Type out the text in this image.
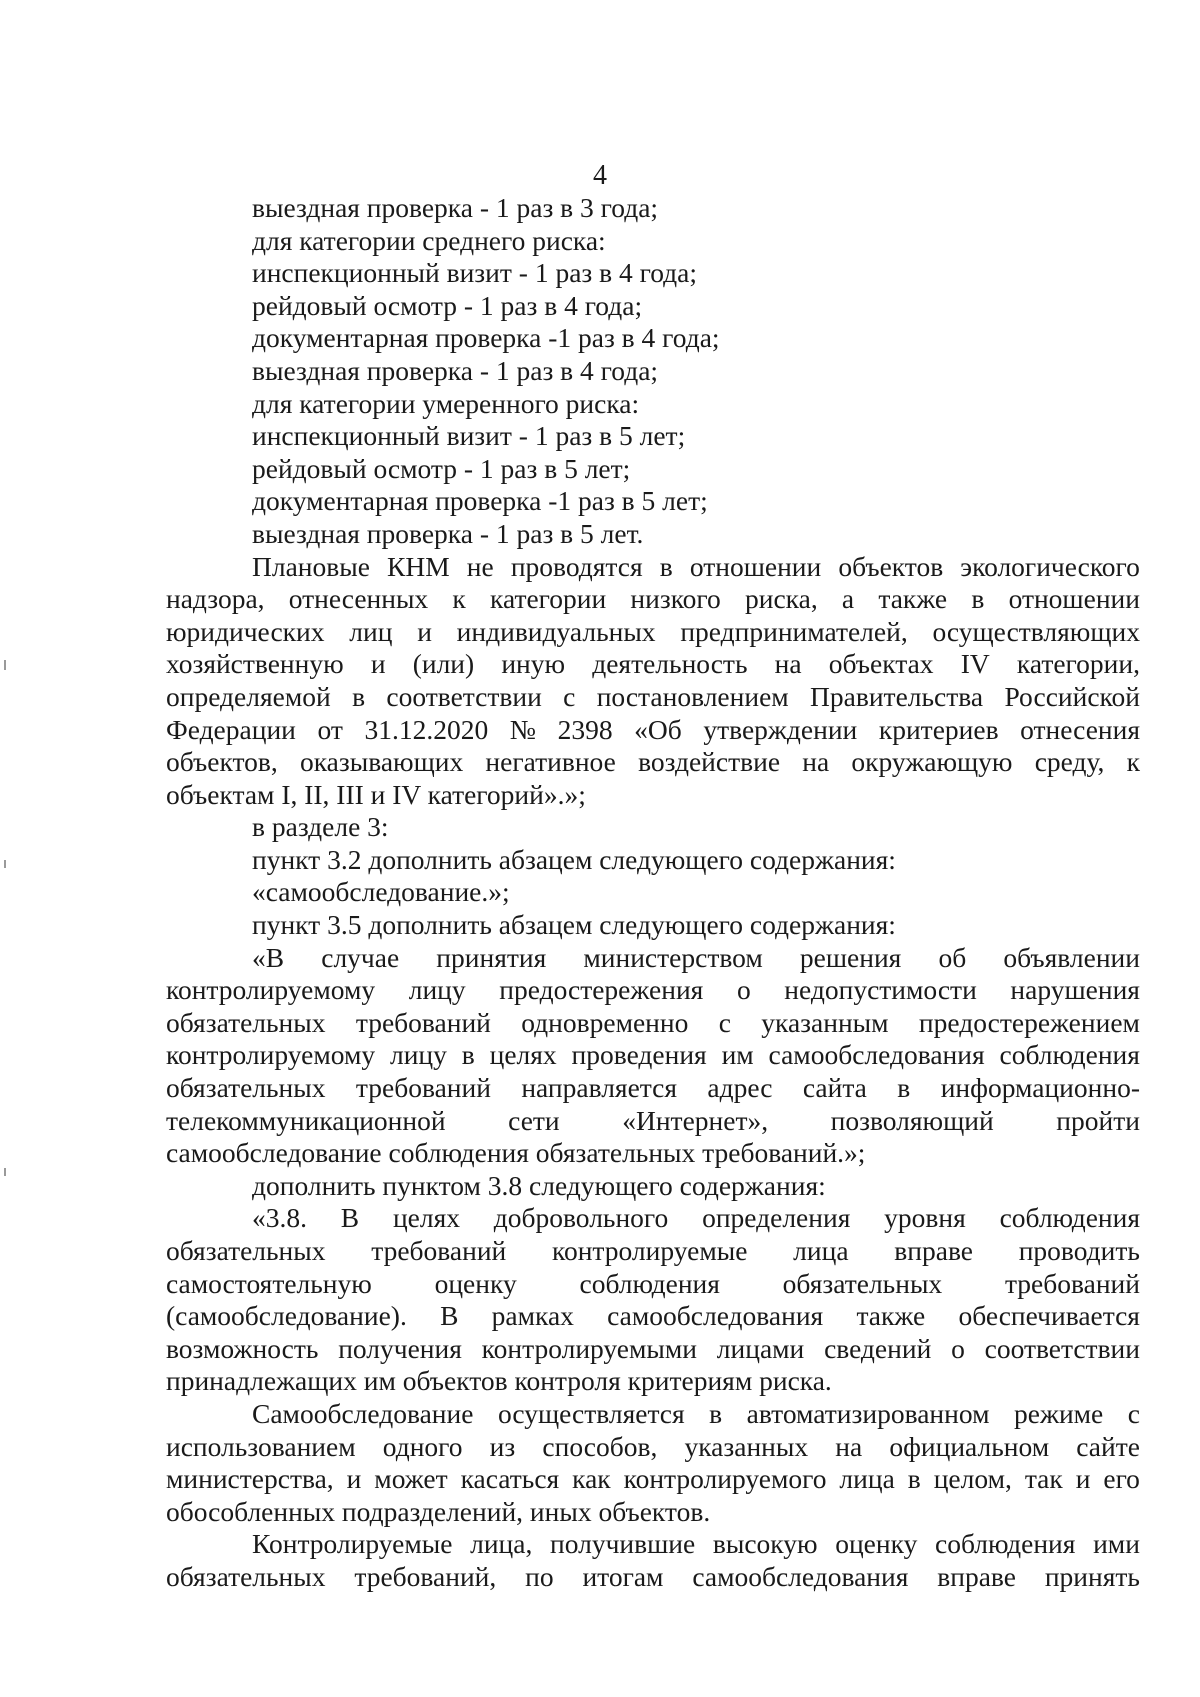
4
выездная проверка - 1 раз в 3 года;
для категории среднего риска:
инспекционный визит - 1 раз в 4 года;
рейдовый осмотр - 1 раз в 4 года;
документарная проверка -1 раз в 4 года;
выездная проверка - 1 раз в 4 года;
для категории умеренного риска:
инспекционный визит - 1 раз в 5 лет;
рейдовый осмотр - 1 раз в 5 лет;
документарная проверка -1 раз в 5 лет;
выездная проверка - 1 раз в 5 лет.
Плановые КНМ не проводятся в отношении объектов экологического
надзора, отнесенных к категории низкого риска, а также в отношении
юридических лиц и индивидуальных предпринимателей, осуществляющих
хозяйственную и (или) иную деятельность на объектах IV категории,
определяемой в соответствии с постановлением Правительства Российской
Федерации от 31.12.2020 № 2398 «Об утверждении критериев отнесения
объектов, оказывающих негативное воздействие на окружающую среду, к
объектам I, II, III и IV категорий».»;
в разделе 3:
пункт 3.2 дополнить абзацем следующего содержания:
«самообследование.»;
пункт 3.5 дополнить абзацем следующего содержания:
«В случае принятия министерством решения об объявлении
контролируемому лицу предостережения о недопустимости нарушения
обязательных требований одновременно с указанным предостережением
контролируемому лицу в целях проведения им самообследования соблюдения
обязательных требований направляется адрес сайта в информационно-
телекоммуникационной сети «Интернет», позволяющий пройти
самообследование соблюдения обязательных требований.»;
дополнить пунктом 3.8 следующего содержания:
«3.8. В целях добровольного определения уровня соблюдения
обязательных требований контролируемые лица вправе проводить
самостоятельную оценку соблюдения обязательных требований
(самообследование). В рамках самообследования также обеспечивается
возможность получения контролируемыми лицами сведений о соответствии
принадлежащих им объектов контроля критериям риска.
Самообследование осуществляется в автоматизированном режиме с
использованием одного из способов, указанных на официальном сайте
министерства, и может касаться как контролируемого лица в целом, так и его
обособленных подразделений, иных объектов.
Контролируемые лица, получившие высокую оценку соблюдения ими
обязательных требований, по итогам самообследования вправе принять
